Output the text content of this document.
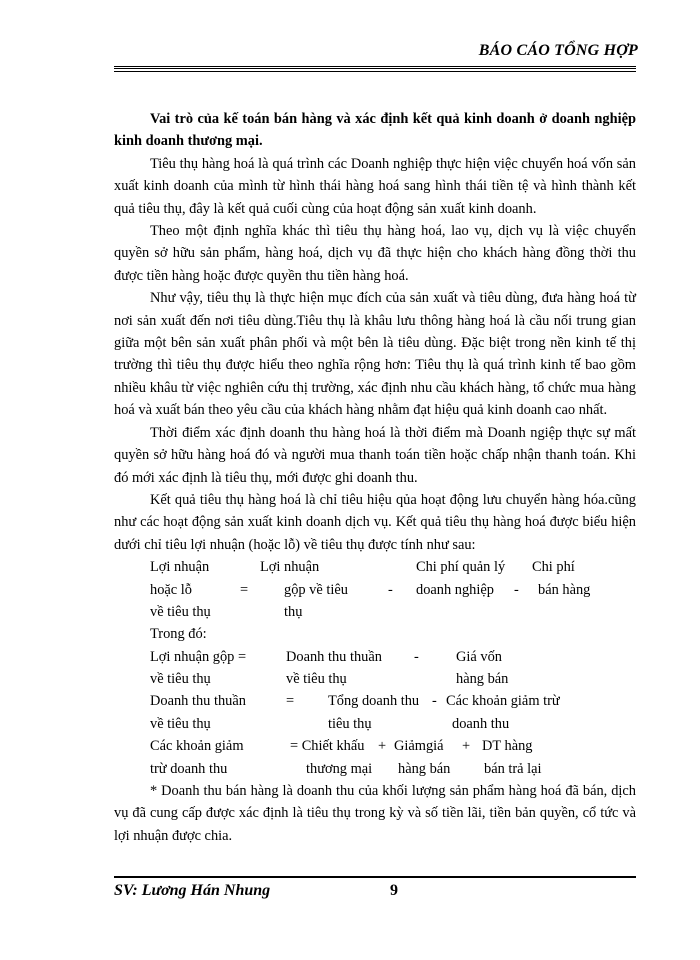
BÁO CÁO TỔNG HỢP

Vai trò của kế toán bán hàng và xác định kết quả kinh doanh ở doanh nghiệp kinh doanh thương mại.

Tiêu thụ hàng hoá là quá trình các Doanh nghiệp thực hiện việc chuyển hoá vốn sản xuất kinh doanh của mình từ hình thái hàng hoá sang hình thái tiền tệ và hình thành kết quả tiêu thụ, đây là kết quả cuối cùng của hoạt động sản xuất kinh doanh.

Theo một định nghĩa khác thì tiêu thụ hàng hoá, lao vụ, dịch vụ là việc chuyển quyền sở hữu sản phẩm, hàng hoá, dịch vụ đã thực hiện cho khách hàng đồng thời thu được tiền hàng hoặc được quyền thu tiền hàng hoá.

Như vậy, tiêu thụ là thực hiện mục đích của sản xuất và tiêu dùng, đưa hàng hoá từ nơi sản xuất đến nơi tiêu dùng.Tiêu thụ là khâu lưu thông hàng hoá là cầu nối trung gian giữa một bên sản xuất phân phối và một bên là tiêu dùng. Đặc biệt trong nền kinh tế thị trường thì tiêu thụ được hiểu theo nghĩa rộng hơn: Tiêu thụ là quá trình kinh tế bao gồm nhiều khâu từ việc nghiên cứu thị trường, xác định nhu cầu khách hàng, tổ chức mua hàng hoá và xuất bán theo yêu cầu của khách hàng nhằm đạt hiệu quả kinh doanh cao nhất.

Thời điểm xác định doanh thu hàng hoá là thời điểm mà Doanh ngiệp thực sự mất quyền sở hữu hàng hoá đó và người mua thanh toán tiền hoặc chấp nhận thanh toán. Khi đó mới xác định là tiêu thụ, mới được ghi doanh thu.

Kết quả tiêu thụ hàng hoá là chỉ tiêu hiệu qủa hoạt động lưu chuyển hàng hóa.cũng như các hoạt động sản xuất kinh doanh dịch vụ. Kết quả tiêu thụ hàng hoá được biểu hiện dưới chỉ tiêu lợi nhuận (hoặc lỗ) về tiêu thụ được tính như sau:

Lợi nhuận	Lợi nhuận	Chi phí quản lý Chi phí
hoặc lỗ	= gộp về tiêu	- doanh nghiệp - bán hàng
về tiêu thụ	thụ
Trong đó:
Lợi nhuận gộp =	Doanh thu thuần -	Giá vốn
về tiêu thụ	về tiêu thụ	hàng bán
Doanh thu thuần	= Tổng doanh thu - Các khoản giảm trừ
về tiêu thụ	tiêu thụ	doanh thu
Các khoản giảm	= Chiết khấu + Giảmgiá + DT hàng
trừ doanh thu	thương mại hàng bán bán trả lại

* Doanh thu bán hàng là doanh thu của khối lượng sản phẩm hàng hoá đã bán, dịch vụ đã cung cấp được xác định là tiêu thụ trong kỳ và số tiền lãi, tiền bản quyền, cổ tức và lợi nhuận được chia.

SV: Lương Hán Nhung	9
